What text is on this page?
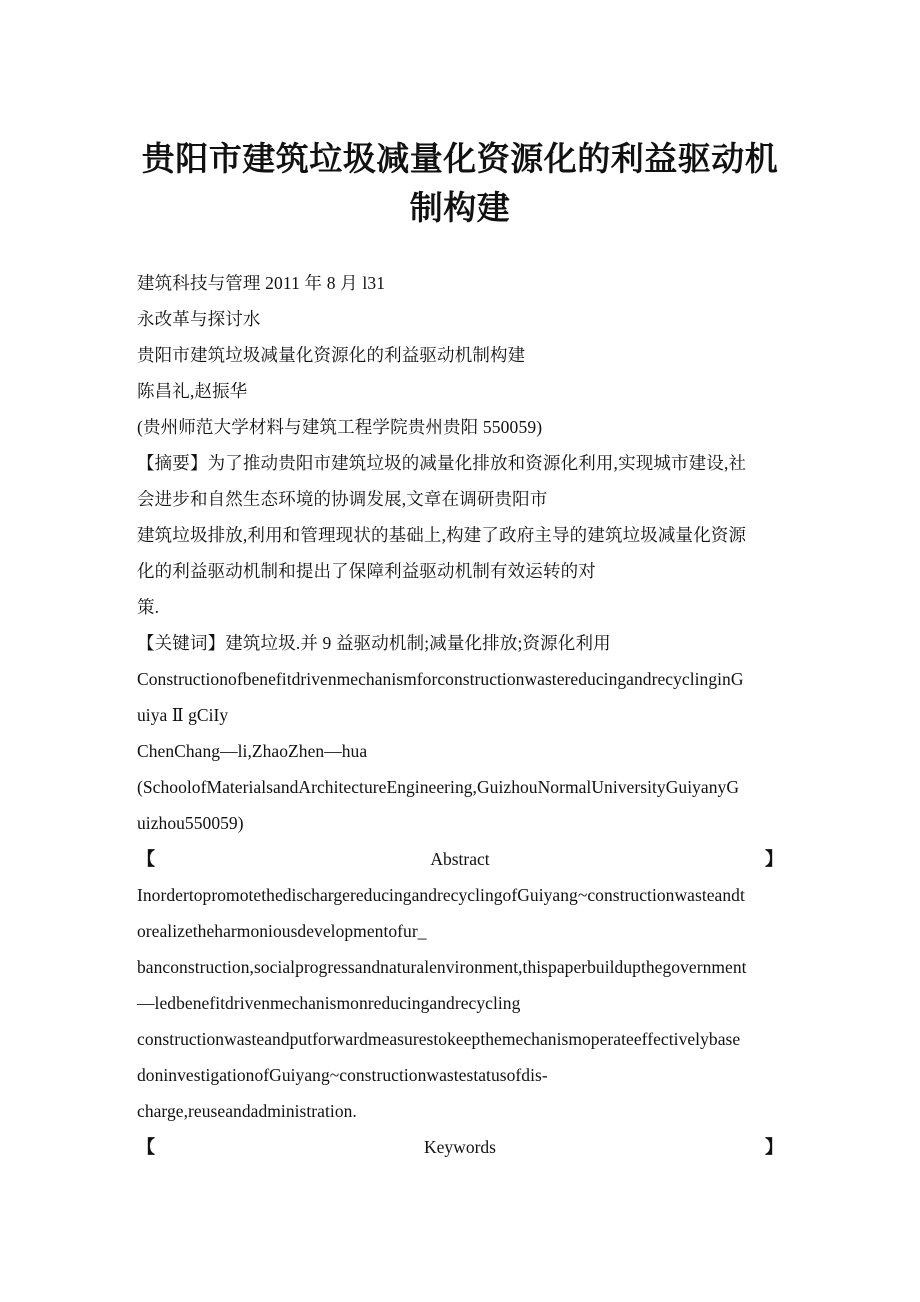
贵阳市建筑垃圾减量化资源化的利益驱动机制构建
建筑科技与管理 2011 年 8 月 l31
永改革与探讨水
贵阳市建筑垃圾减量化资源化的利益驱动机制构建
陈昌礼,赵振华
(贵州师范大学材料与建筑工程学院贵州贵阳 550059)
【摘要】为了推动贵阳市建筑垃圾的减量化排放和资源化利用,实现城市建设,社
会进步和自然生态环境的协调发展,文章在调研贵阳市
建筑垃圾排放,利用和管理现状的基础上,构建了政府主导的建筑垃圾减量化资源
化的利益驱动机制和提出了保障利益驱动机制有效运转的对
策.
【关键词】建筑垃圾.并 9 益驱动机制;减量化排放;资源化利用
ConstructionofbenefitdrivenmechanismforconstructionwastereducingandrecyclinginG
uiya Ⅱ gCiIy
ChenChang—li,ZhaoZhen—hua
(SchoolofMaterialsandArchitectureEngineering,GuizhouNormalUniversityGuiyanyG
uizhou550059)
【	Abstract	】
InordertopromotethedischargereducingandrecyclingofGuiyang~constructionwasteandt
orealizetheharmoniousdevelopmentofur_
banconstruction,socialprogressandnaturalenvironment,thispaperbuildupthegovernment
—ledbenefitdrivenmechanismonreducingandrecycling
constructionwasteandputforwardmeasurestokeepthemechanismoperateeffectivelybase
doninvestigationofGuiyang~constructionwastestatusofdis-
charge,reuseandadministration.
【	Keywords	】
